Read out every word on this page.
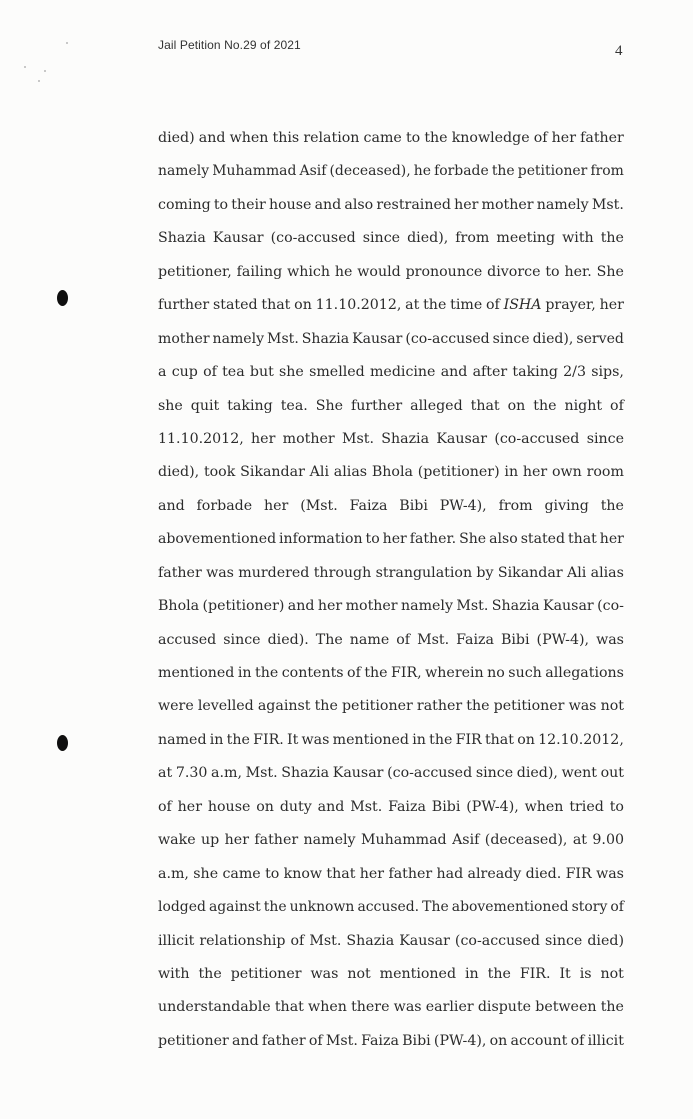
Jail Petition No.29 of 2021	4
died) and when this relation came to the knowledge of her father
namely Muhammad Asif (deceased), he forbade the petitioner from
coming to their house and also restrained her mother namely Mst.
Shazia Kausar (co-accused since died), from meeting with the
petitioner, failing which he would pronounce divorce to her. She
further stated that on 11.10.2012, at the time of ISHA prayer, her
mother namely Mst. Shazia Kausar (co-accused since died), served
a cup of tea but she smelled medicine and after taking 2/3 sips,
she quit taking tea. She further alleged that on the night of
11.10.2012, her mother Mst. Shazia Kausar (co-accused since
died), took Sikandar Ali alias Bhola (petitioner) in her own room
and forbade her (Mst. Faiza Bibi PW-4), from giving the
abovementioned information to her father. She also stated that her
father was murdered through strangulation by Sikandar Ali alias
Bhola (petitioner) and her mother namely Mst. Shazia Kausar (co-
accused since died). The name of Mst. Faiza Bibi (PW-4), was
mentioned in the contents of the FIR, wherein no such allegations
were levelled against the petitioner rather the petitioner was not
named in the FIR. It was mentioned in the FIR that on 12.10.2012,
at 7.30 a.m, Mst. Shazia Kausar (co-accused since died), went out
of her house on duty and Mst. Faiza Bibi (PW-4), when tried to
wake up her father namely Muhammad Asif (deceased), at 9.00
a.m, she came to know that her father had already died. FIR was
lodged against the unknown accused. The abovementioned story of
illicit relationship of Mst. Shazia Kausar (co-accused since died)
with the petitioner was not mentioned in the FIR. It is not
understandable that when there was earlier dispute between the
petitioner and father of Mst. Faiza Bibi (PW-4), on account of illicit
